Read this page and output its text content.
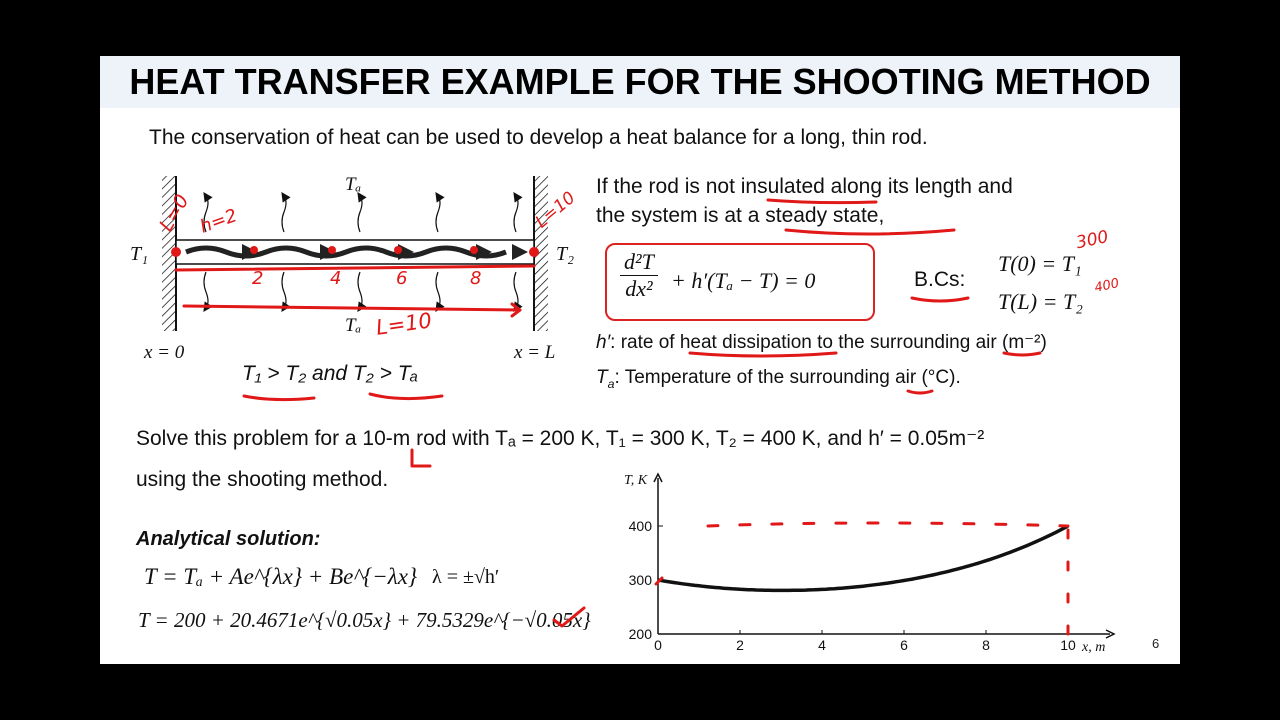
HEAT TRANSFER EXAMPLE FOR THE SHOOTING METHOD
The conservation of heat can be used to develop a heat balance for a long, thin rod.
Tₐ
Tₐ
T₁	T₂
x = 0	x = L
L=0 h=2	L=10
2	4	6	8
L=10
T₁ > T₂ and T₂ > Tₐ
If the rod is not insulated along its length and
the system is at a steady state,
$\frac{\text{d²T}}{\text{dx²}} + h'(T_a - T) = 0$	B.Cs:
T(0) = T₁
T(L) = T₂
300
400
h′: rate of heat dissipation to the surrounding air (m⁻²)
$T_a$: Temperature of the surrounding air (°C).
Solve this problem for a 10-m rod with Tₐ = 200 K, T₁ = 300 K, T₂ = 400 K, and h′ = 0.05m⁻²
using the shooting method.
Analytical solution:
T = Tₐ + Ae^{λx} + Be^{−λx} λ = ±√h′
T = 200 + 20.4671e^{√0.05x} + 79.5329e^{−√0.05x}
T, K
x, m
0	2	4	6	8	10
200
300
400
6
